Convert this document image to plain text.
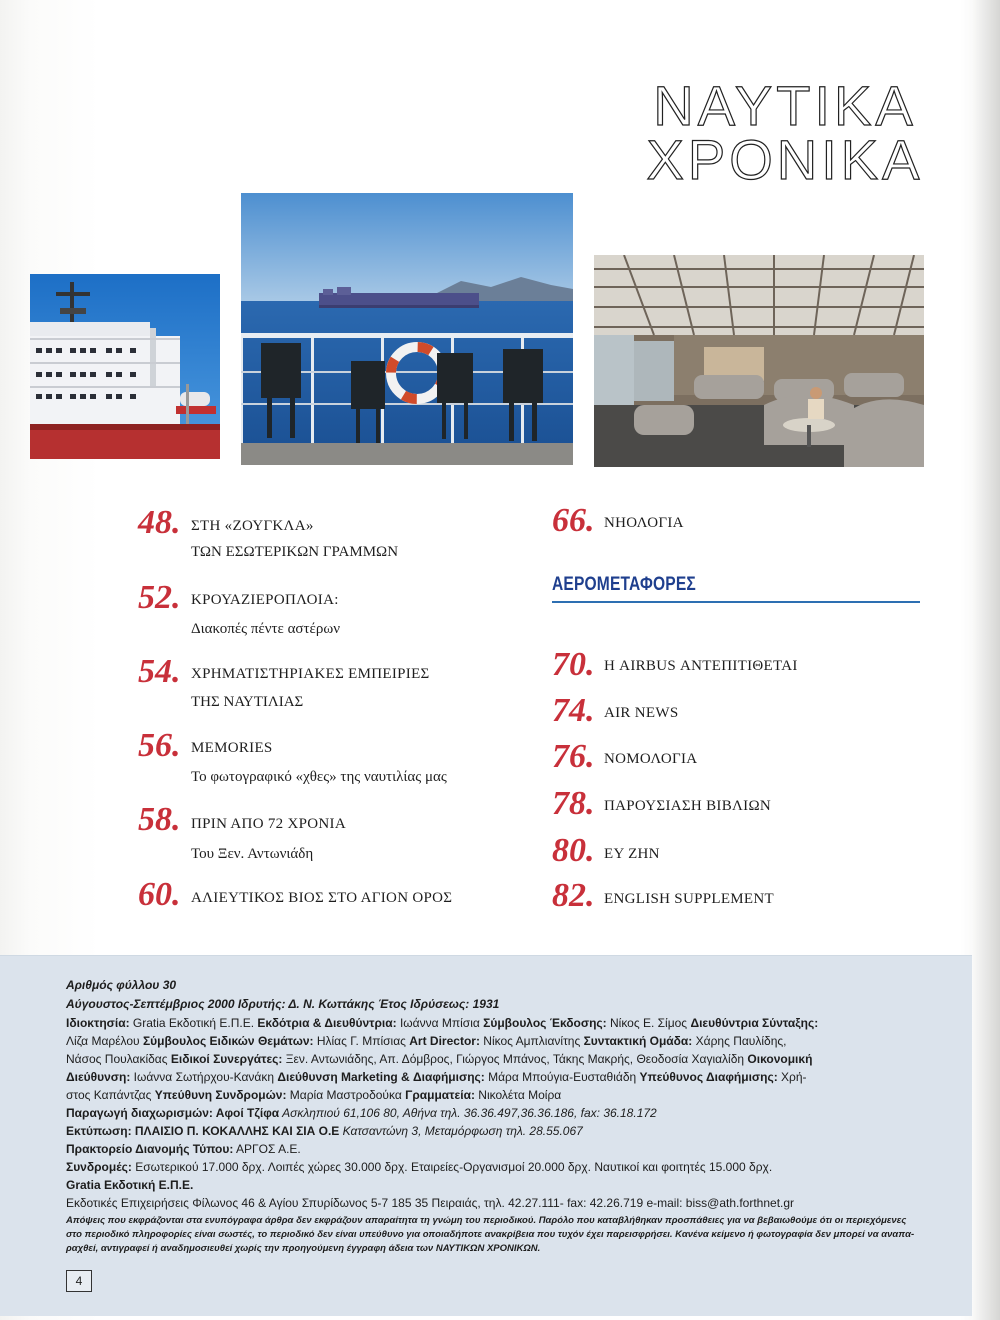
ΝΑΥΤΙΚΑ
ΧΡΟΝΙΚΑ
48. ΣΤΗ «ΖΟΥΓΚΛΑ»
ΤΩΝ ΕΣΩΤΕΡΙΚΩΝ ΓΡΑΜΜΩΝ
52. ΚΡΟΥΑΖΙΕΡΟΠΛΟΙΑ:
Διακοπές πέντε αστέρων
54. ΧΡΗΜΑΤΙΣΤΗΡΙΑΚΕΣ ΕΜΠΕΙΡΙΕΣ
ΤΗΣ ΝΑΥΤΙΛΙΑΣ
56. MEMORIES
Το φωτογραφικό «χθες» της ναυτιλίας μας
58. ΠΡΙΝ ΑΠΟ 72 ΧΡΟΝΙΑ
Του Ξεν. Αντωνιάδη
60. ΑΛΙΕΥΤΙΚΟΣ ΒΙΟΣ ΣΤΟ ΑΓΙΟΝ ΟΡΟΣ
66. ΝΗΟΛΟΓΙΑ
ΑΕΡΟΜΕΤΑΦΟΡΕΣ
70. Η AIRBUS ΑΝΤΕΠΙΤΙΘΕΤΑΙ
74. AIR NEWS
76. ΝΟΜΟΛΟΓΙΑ
78. ΠΑΡΟΥΣΙΑΣΗ ΒΙΒΛΙΩΝ
80. ΕΥ ΖΗΝ
82. ENGLISH SUPPLEMENT
Αριθμός φύλλου 30
Αύγουστος-Σεπτέμβριος 2000 Ιδρυτής: Δ. Ν. Κωττάκης Έτος Ιδρύσεως: 1931
Ιδιοκτησία: Gratia Εκδοτική Ε.Π.Ε. Εκδότρια & Διευθύντρια: Ιωάννα Μπίσια Σύμβουλος Έκδοσης: Νίκος Ε. Σίμος Διευθύντρια Σύνταξης:
Λίζα Μαρέλου Σύμβουλος Ειδικών Θεμάτων: Ηλίας Γ. Μπίσιας Art Director: Νίκος Αμπλιανίτης Συντακτική Ομάδα: Χάρης Παυλίδης,
Νάσος Πουλακίδας Ειδικοί Συνεργάτες: Ξεν. Αντωνιάδης, Απ. Δόμβρος, Γιώργος Μπάνος, Τάκης Μακρής, Θεοδοσία Χαγιαλίδη Οικονομική
Διεύθυνση: Ιωάννα Σωτήρχου-Κανάκη Διεύθυνση Marketing & Διαφήμισης: Μάρα Μπούγια-Ευσταθιάδη Υπεύθυνος Διαφήμισης: Χρή-
στος Καπάντζας Υπεύθυνη Συνδρομών: Μαρία Μαστροδούκα Γραμματεία: Νικολέτα Μοίρα
Παραγωγή διαχωρισμών: Αφοί Τζίφα Ασκληπιού 61,106 80, Αθήνα τηλ. 36.36.497,36.36.186, fax: 36.18.172
Εκτύπωση: ΠΛΑΙΣΙΟ Π. ΚΟΚΑΛΛΗΣ ΚΑΙ ΣΙΑ Ο.Ε Κατσαντώνη 3, Μεταμόρφωση τηλ. 28.55.067
Πρακτορείο Διανομής Τύπου: ΑΡΓΟΣ Α.Ε.
Συνδρομές: Εσωτερικού 17.000 δρχ. Λοιπές χώρες 30.000 δρχ. Εταιρείες-Οργανισμοί 20.000 δρχ. Ναυτικοί και φοιτητές 15.000 δρχ.
Gratia Εκδοτική Ε.Π.Ε.
Εκδοτικές Επιχειρήσεις Φίλωνος 46 & Αγίου Σπυρίδωνος 5-7 185 35 Πειραιάς, τηλ. 42.27.111- fax: 42.26.719 e-mail: biss@ath.forthnet.gr
Απόψεις που εκφράζονται στα ενυπόγραφα άρθρα δεν εκφράζουν απαραίτητα τη γνώμη του περιοδικού. Παρόλο που καταβλήθηκαν προσπάθειες για να βεβαιωθούμε ότι οι περιεχόμενες
στο περιοδικό πληροφορίες είναι σωστές, το περιοδικό δεν είναι υπεύθυνο για οποιαδήποτε ανακρίβεια που τυχόν έχει παρεισφρήσει. Κανένα κείμενο ή φωτογραφία δεν μπορεί να αναπα-
ραχθεί, αντιγραφεί ή αναδημοσιευθεί χωρίς την προηγούμενη έγγραφη άδεια των ΝΑΥΤΙΚΩΝ ΧΡΟΝΙΚΩΝ.
4
